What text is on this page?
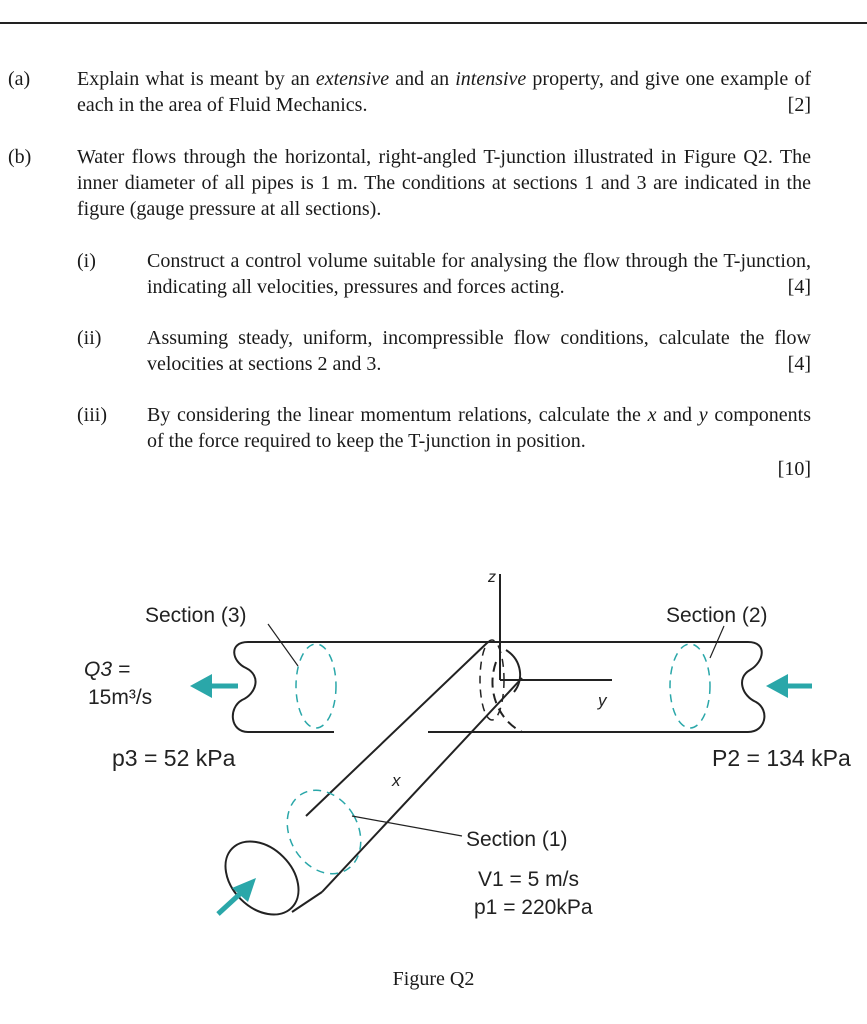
(a) Explain what is meant by an extensive and an intensive property, and give one example of each in the area of Fluid Mechanics.	[2]
(b) Water flows through the horizontal, right-angled T-junction illustrated in Figure Q2. The inner diameter of all pipes is 1 m. The conditions at sections 1 and 3 are indicated in the figure (gauge pressure at all sections).
(i)	Construct a control volume suitable for analysing the flow through the T-junction, indicating all velocities, pressures and forces acting.	[4]
(ii) Assuming steady, uniform, incompressible flow conditions, calculate the flow velocities at sections 2 and 3.	[4]
(iii) By considering the linear momentum relations, calculate the x and y components of the force required to keep the T-junction in position.
[10]
Section (3)	Section (2)
Section (1)
Q3 =
15m³/s
p3 = 52 kPa	P2 = 134 kPa
V1 = 5 m/s
p1 = 220kPa
z
y
x
Figure Q2
